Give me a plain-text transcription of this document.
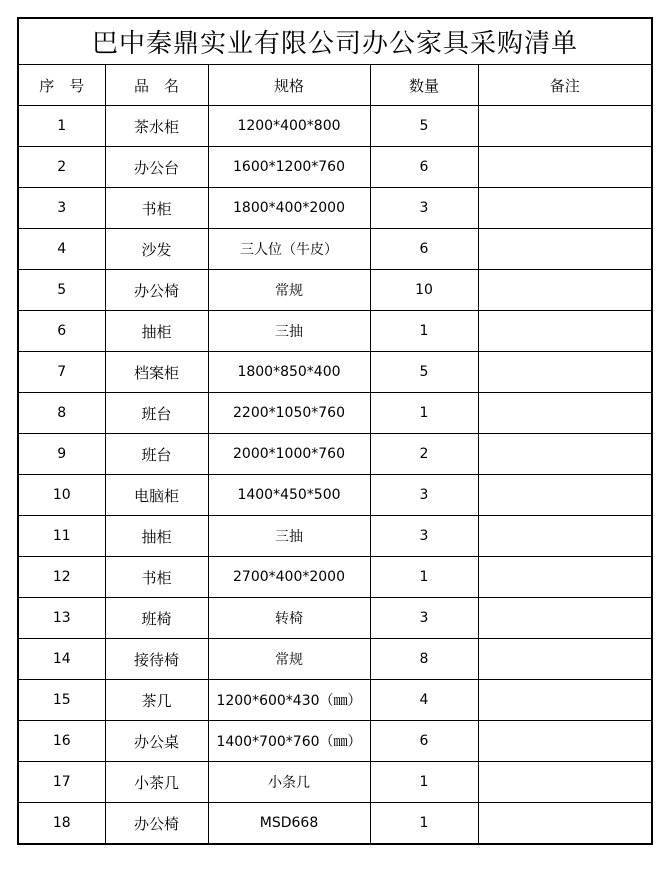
巴中秦鼎实业有限公司办公家具采购清单				
序　号	品　名	规格	数量	备注
1	茶水柜	1200*400*800	5	
2	办公台	1600*1200*760	6	
3	书柜	1800*400*2000	3	
4	沙发	三人位（牛皮）	6	
5	办公椅	常规	10	
6	抽柜	三抽	1	
7	档案柜	1800*850*400	5	
8	班台	2200*1050*760	1	
9	班台	2000*1000*760	2	
10	电脑柜	1400*450*500	3	
11	抽柜	三抽	3	
12	书柜	2700*400*2000	1	
13	班椅	转椅	3	
14	接待椅	常规	8	
15	茶几	1200*600*430（㎜）	4	
16	办公桌	1400*700*760（㎜）	6	
17	小茶几	小条几	1	
18	办公椅	MSD668	1	
